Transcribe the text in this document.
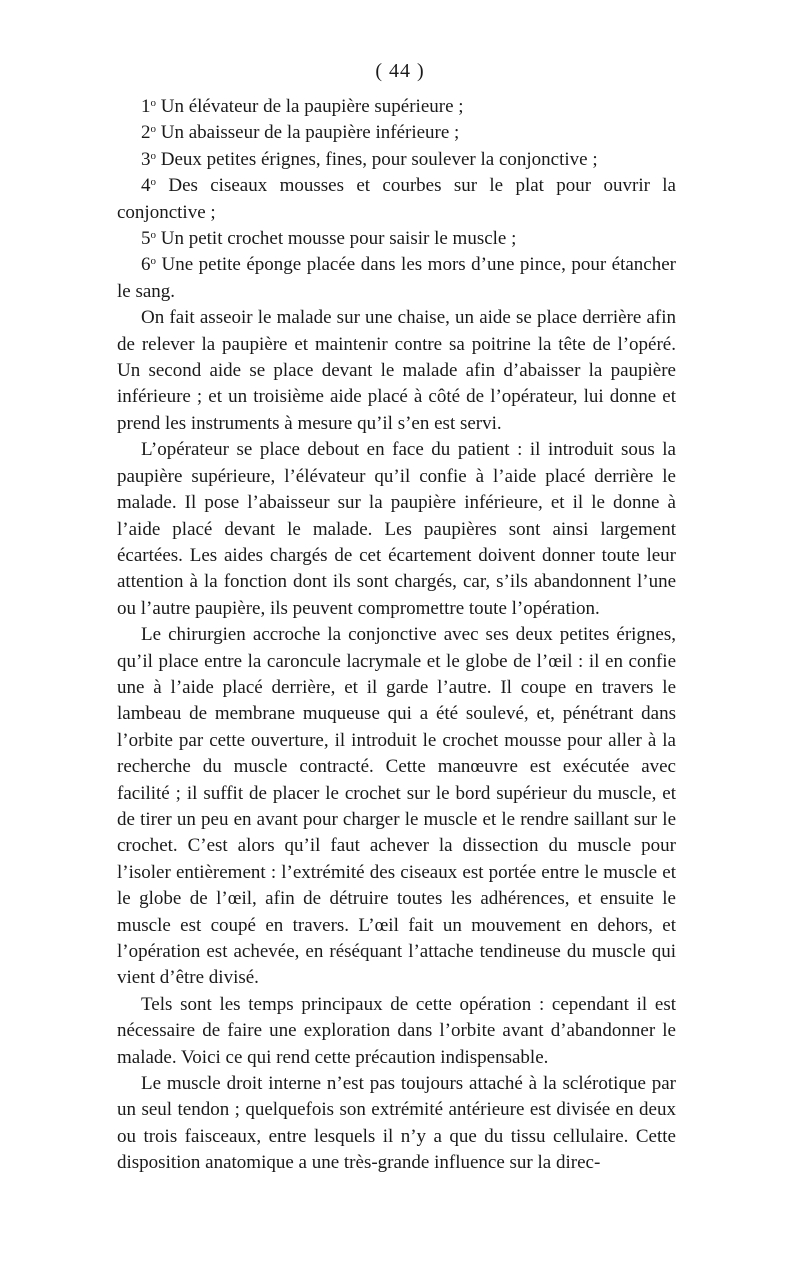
( 44 )
1$^o$ Un élévateur de la paupière supérieure ;
2$^o$ Un abaisseur de la paupière inférieure ;
3$^o$ Deux petites érignes, fines, pour soulever la conjonctive ;
4$^o$ Des ciseaux mousses et courbes sur le plat pour ouvrir la conjonctive ;
5$^o$ Un petit crochet mousse pour saisir le muscle ;
6$^o$ Une petite éponge placée dans les mors d’une pince, pour étancher le sang.

On fait asseoir le malade sur une chaise, un aide se place derrière afin de relever la paupière et maintenir contre sa poitrine la tête de l’opéré. Un second aide se place devant le malade afin d’abaisser la paupière inférieure ; et un troisième aide placé à côté de l’opérateur, lui donne et prend les instruments à mesure qu’il s’en est servi.

L’opérateur se place debout en face du patient : il introduit sous la paupière supérieure, l’élévateur qu’il confie à l’aide placé derrière le malade. Il pose l’abaisseur sur la paupière inférieure, et il le donne à l’aide placé devant le malade. Les paupières sont ainsi largement écartées. Les aides chargés de cet écartement doivent donner toute leur attention à la fonction dont ils sont chargés, car, s’ils abandonnent l’une ou l’autre paupière, ils peuvent compromettre toute l’opération.

Le chirurgien accroche la conjonctive avec ses deux petites érignes, qu’il place entre la caroncule lacrymale et le globe de l’œil : il en confie une à l’aide placé derrière, et il garde l’autre. Il coupe en travers le lambeau de membrane muqueuse qui a été soulevé, et, pénétrant dans l’orbite par cette ouverture, il introduit le crochet mousse pour aller à la recherche du muscle contracté. Cette manœuvre est exécutée avec facilité ; il suffit de placer le crochet sur le bord supérieur du muscle, et de tirer un peu en avant pour charger le muscle et le rendre saillant sur le crochet. C’est alors qu’il faut achever la dissection du muscle pour l’isoler entièrement : l’extrémité des ciseaux est portée entre le muscle et le globe de l’œil, afin de détruire toutes les adhérences, et ensuite le muscle est coupé en travers. L’œil fait un mouvement en dehors, et l’opération est achevée, en réséquant l’attache tendineuse du muscle qui vient d’être divisé.

Tels sont les temps principaux de cette opération : cependant il est nécessaire de faire une exploration dans l’orbite avant d’abandonner le malade. Voici ce qui rend cette précaution indispensable.

Le muscle droit interne n’est pas toujours attaché à la sclérotique par un seul tendon ; quelquefois son extrémité antérieure est divisée en deux ou trois faisceaux, entre lesquels il n’y a que du tissu cellulaire. Cette disposition anatomique a une très-grande influence sur la direc-
